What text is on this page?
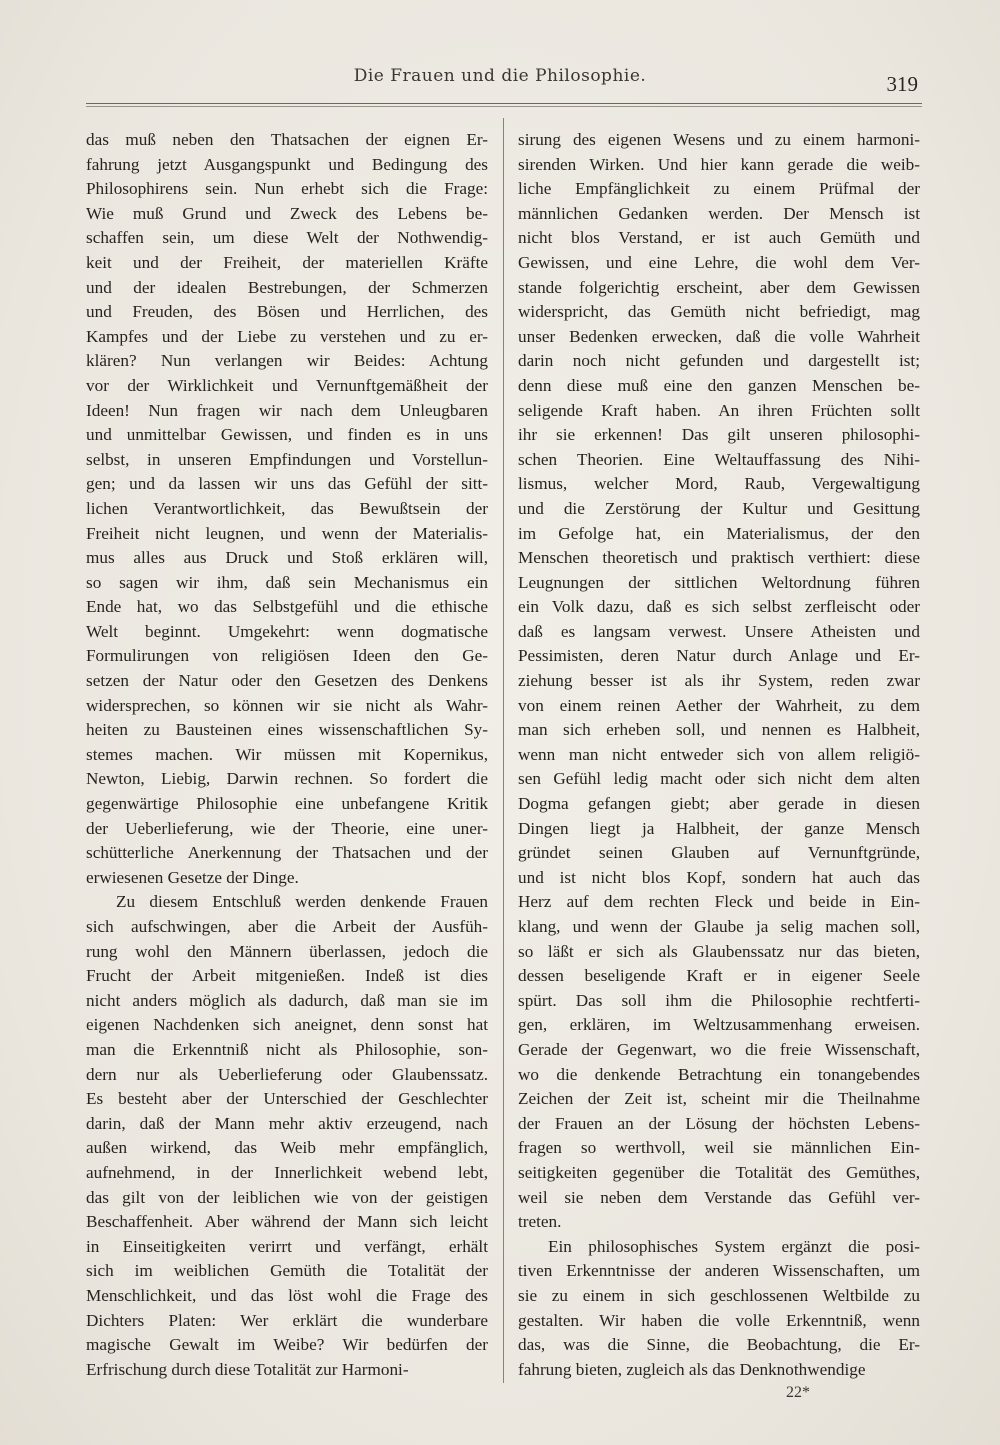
Die Frauen und die Philosophie.	319
das muß neben den Thatsachen der eignen Er-
fahrung jetzt Ausgangspunkt und Bedingung des
Philosophirens sein. Nun erhebt sich die Frage:
Wie muß Grund und Zweck des Lebens be-
schaffen sein, um diese Welt der Nothwendig-
keit und der Freiheit, der materiellen Kräfte
und der idealen Bestrebungen, der Schmerzen
und Freuden, des Bösen und Herrlichen, des
Kampfes und der Liebe zu verstehen und zu er-
klären? Nun verlangen wir Beides: Achtung
vor der Wirklichkeit und Vernunftgemäßheit der
Ideen! Nun fragen wir nach dem Unleugbaren
und unmittelbar Gewissen, und finden es in uns
selbst, in unseren Empfindungen und Vorstellun-
gen; und da lassen wir uns das Gefühl der sitt-
lichen Verantwortlichkeit, das Bewußtsein der
Freiheit nicht leugnen, und wenn der Materialis-
mus alles aus Druck und Stoß erklären will,
so sagen wir ihm, daß sein Mechanismus ein
Ende hat, wo das Selbstgefühl und die ethische
Welt beginnt. Umgekehrt: wenn dogmatische
Formulirungen von religiösen Ideen den Ge-
setzen der Natur oder den Gesetzen des Denkens
widersprechen, so können wir sie nicht als Wahr-
heiten zu Bausteinen eines wissenschaftlichen Sy-
stemes machen. Wir müssen mit Kopernikus,
Newton, Liebig, Darwin rechnen. So fordert die
gegenwärtige Philosophie eine unbefangene Kritik
der Ueberlieferung, wie der Theorie, eine uner-
schütterliche Anerkennung der Thatsachen und der
erwiesenen Gesetze der Dinge.
Zu diesem Entschluß werden denkende Frauen
sich aufschwingen, aber die Arbeit der Ausfüh-
rung wohl den Männern überlassen, jedoch die
Frucht der Arbeit mitgenießen. Indeß ist dies
nicht anders möglich als dadurch, daß man sie im
eigenen Nachdenken sich aneignet, denn sonst hat
man die Erkenntniß nicht als Philosophie, son-
dern nur als Ueberlieferung oder Glaubenssatz.
Es besteht aber der Unterschied der Geschlechter
darin, daß der Mann mehr aktiv erzeugend, nach
außen wirkend, das Weib mehr empfänglich,
aufnehmend, in der Innerlichkeit webend lebt,
das gilt von der leiblichen wie von der geistigen
Beschaffenheit. Aber während der Mann sich leicht
in Einseitigkeiten verirrt und verfängt, erhält
sich im weiblichen Gemüth die Totalität der
Menschlichkeit, und das löst wohl die Frage des
Dichters Platen: Wer erklärt die wunderbare
magische Gewalt im Weibe? Wir bedürfen der
Erfrischung durch diese Totalität zur Harmoni-
sirung des eigenen Wesens und zu einem harmoni-
sirenden Wirken. Und hier kann gerade die weib-
liche Empfänglichkeit zu einem Prüfmal der
männlichen Gedanken werden. Der Mensch ist
nicht blos Verstand, er ist auch Gemüth und
Gewissen, und eine Lehre, die wohl dem Ver-
stande folgerichtig erscheint, aber dem Gewissen
widerspricht, das Gemüth nicht befriedigt, mag
unser Bedenken erwecken, daß die volle Wahrheit
darin noch nicht gefunden und dargestellt ist;
denn diese muß eine den ganzen Menschen be-
seligende Kraft haben. An ihren Früchten sollt
ihr sie erkennen! Das gilt unseren philosophi-
schen Theorien. Eine Weltauffassung des Nihi-
lismus, welcher Mord, Raub, Vergewaltigung
und die Zerstörung der Kultur und Gesittung
im Gefolge hat, ein Materialismus, der den
Menschen theoretisch und praktisch verthiert: diese
Leugnungen der sittlichen Weltordnung führen
ein Volk dazu, daß es sich selbst zerfleischt oder
daß es langsam verwest. Unsere Atheisten und
Pessimisten, deren Natur durch Anlage und Er-
ziehung besser ist als ihr System, reden zwar
von einem reinen Aether der Wahrheit, zu dem
man sich erheben soll, und nennen es Halbheit,
wenn man nicht entweder sich von allem religiö-
sen Gefühl ledig macht oder sich nicht dem alten
Dogma gefangen giebt; aber gerade in diesen
Dingen liegt ja Halbheit, der ganze Mensch
gründet seinen Glauben auf Vernunftgründe,
und ist nicht blos Kopf, sondern hat auch das
Herz auf dem rechten Fleck und beide in Ein-
klang, und wenn der Glaube ja selig machen soll,
so läßt er sich als Glaubenssatz nur das bieten,
dessen beseligende Kraft er in eigener Seele
spürt. Das soll ihm die Philosophie rechtferti-
gen, erklären, im Weltzusammenhang erweisen.
Gerade der Gegenwart, wo die freie Wissenschaft,
wo die denkende Betrachtung ein tonangebendes
Zeichen der Zeit ist, scheint mir die Theilnahme
der Frauen an der Lösung der höchsten Lebens-
fragen so werthvoll, weil sie männlichen Ein-
seitigkeiten gegenüber die Totalität des Gemüthes,
weil sie neben dem Verstande das Gefühl ver-
treten.
Ein philosophisches System ergänzt die posi-
tiven Erkenntnisse der anderen Wissenschaften, um
sie zu einem in sich geschlossenen Weltbilde zu
gestalten. Wir haben die volle Erkenntniß, wenn
das, was die Sinne, die Beobachtung, die Er-
fahrung bieten, zugleich als das Denknothwendige
22*
